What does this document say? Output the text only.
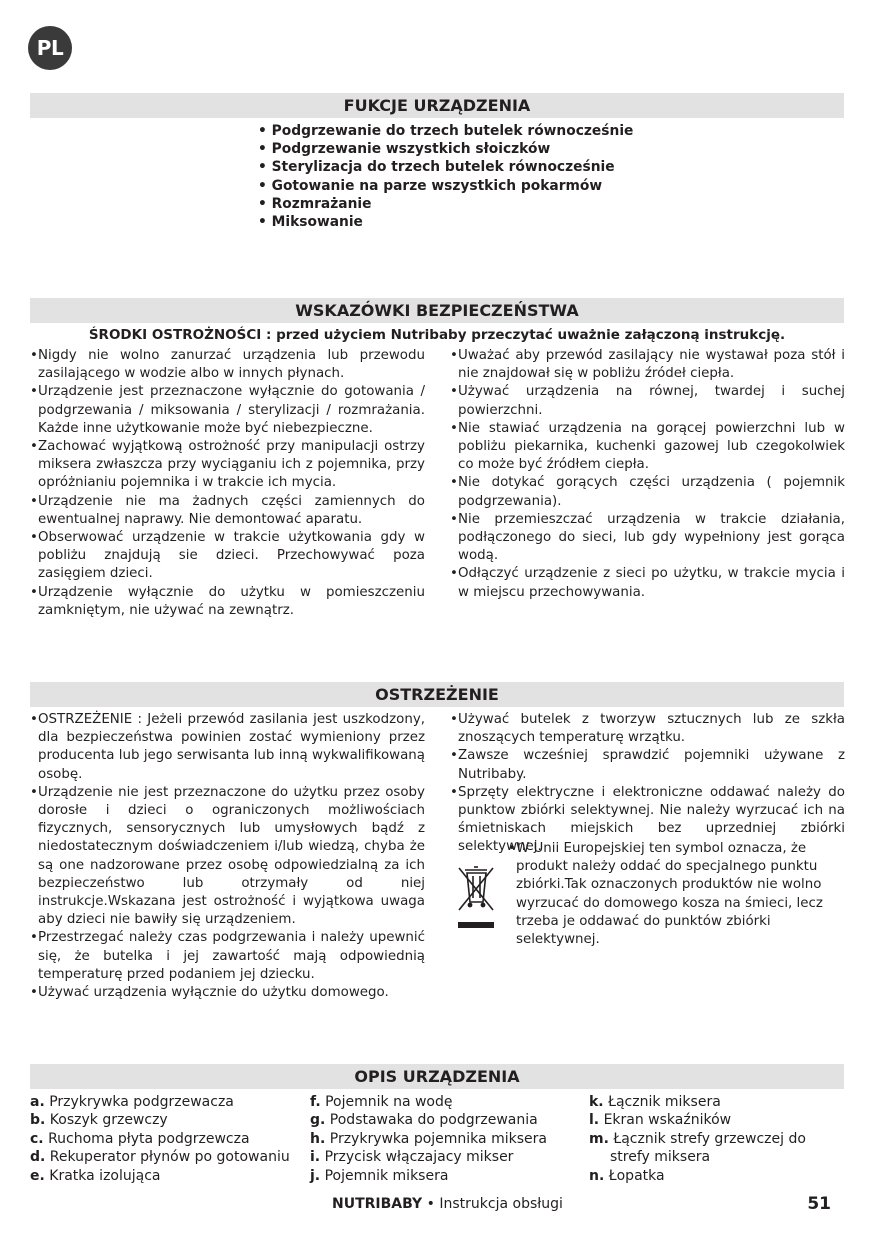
PL
FUKCJE URZĄDZENIA
• Podgrzewanie do trzech butelek równocześnie
• Podgrzewanie wszystkich słoiczków
• Sterylizacja do trzech butelek równocześnie
• Gotowanie na parze wszystkich pokarmów
• Rozmrażanie
• Miksowanie
WSKAZÓWKI BEZPIECZEŃSTWA
ŚRODKI OSTROŻNOŚCI : przed użyciem Nutribaby przeczytać uważnie załączoną instrukcję.
• Nigdy nie wolno zanurzać urządzenia lub przewodu zasilającego w wodzie albo w innych płynach.
• Urządzenie jest przeznaczone wyłącznie do gotowania / podgrzewania / miksowania / sterylizacji / rozmrażania. Każde inne użytkowanie może być niebezpieczne.
• Zachować wyjątkową ostrożność przy manipulacji ostrzy miksera zwłaszcza przy wyciąganiu ich z pojemnika, przy opróżnianiu pojemnika i w trakcie ich mycia.
• Urządzenie nie ma żadnych części zamiennych do ewentualnej naprawy. Nie demontować aparatu.
• Obserwować urządzenie w trakcie użytkowania gdy w pobliżu znajdują sie dzieci. Przechowywać poza zasięgiem dzieci.
• Urządzenie wyłącznie do użytku w pomieszczeniu zamkniętym, nie używać na zewnątrz.
• Uważać aby przewód zasilający nie wystawał poza stół i nie znajdował się w pobliżu źródeł ciepła.
• Używać urządzenia na równej, twardej i suchej powierzchni.
• Nie stawiać urządzenia na gorącej powierzchni lub w pobliżu piekarnika, kuchenki gazowej lub czegokolwiek co może być źródłem ciepła.
• Nie dotykać gorących części urządzenia ( pojemnik podgrzewania).
• Nie przemieszczać urządzenia w trakcie działania, podłączonego do sieci, lub gdy wypełniony jest gorąca wodą.
• Odłączyć urządzenie z sieci po użytku, w trakcie mycia i w miejscu przechowywania.
OSTRZEŻENIE
• OSTRZEŻENIE : Jeżeli przewód zasilania jest uszkodzony, dla bezpieczeństwa powinien zostać wymieniony przez producenta lub jego serwisanta lub inną wykwalifikowaną osobę.
• Urządzenie nie jest przeznaczone do użytku przez osoby dorosłe i dzieci o ograniczonych możliwościach fizycznych, sensorycznych lub umysłowych bądź z niedostatecznym doświadczeniem i/lub wiedzą, chyba że są one nadzorowane przez osobę odpowiedzialną za ich bezpieczeństwo lub otrzymały od niej instrukcje.Wskazana jest ostrożność i wyjątkowa uwaga aby dzieci nie bawiły się urządzeniem.
• Przestrzegać należy czas podgrzewania i należy upewnić się, że butelka i jej zawartość mają odpowiednią temperaturę przed podaniem jej dziecku.
• Używać urządzenia wyłącznie do użytku domowego.
• Używać butelek z tworzyw sztucznych lub ze szkła znoszących temperaturę wrzątku.
• Zawsze wcześniej sprawdzić pojemniki używane z Nutribaby.
• Sprzęty elektryczne i elektroniczne oddawać należy do punktow zbiórki selektywnej. Nie należy wyrzucać ich na śmietniskach miejskich bez uprzedniej zbiórki selektywnej.
• W Unii Europejskiej ten symbol oznacza, że produkt należy oddać do specjalnego punktu zbiórki.Tak oznaczonych produktów nie wolno wyrzucać do domowego kosza na śmieci, lecz trzeba je oddawać do punktów zbiórki selektywnej.
OPIS URZĄDZENIA
a. Przykrywka podgrzewacza
b. Koszyk grzewczy
c. Ruchoma płyta podgrzewcza
d. Rekuperator płynów po gotowaniu
e. Kratka izolująca
f. Pojemnik na wodę
g. Podstawaka do podgrzewania
h. Przykrywka pojemnika miksera
i. Przycisk włączajacy mikser
j. Pojemnik miksera
k. Łącznik miksera
l. Ekran wskaźników
m. Łącznik strefy grzewczej do
strefy miksera
n. Łopatka
NUTRIBABY • Instrukcja obsługi	51
